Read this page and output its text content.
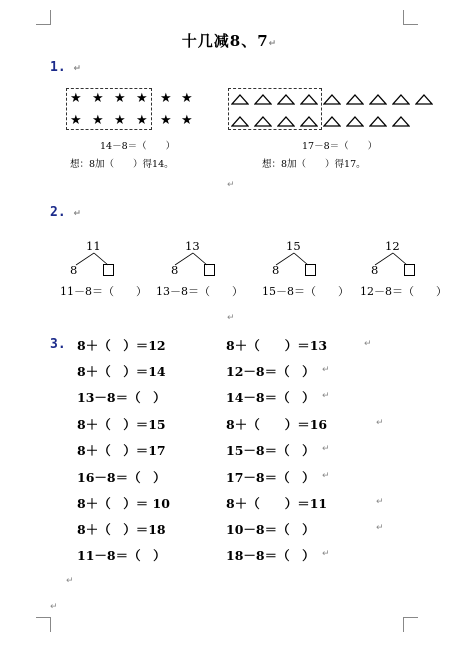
十几减8、7↵
1. ↵
★ ★ ★ ★ ★ ★
★ ★ ★ ★ ★ ★
14－8＝（　　）	17－8＝（　　）
想：8加（　　）得14。	想：8加（　　）得17。
↵
2. ↵
11
8
11－8＝（　　）
13
8
13－8＝（　　）
15
8
15－8＝（　　）
12
8
12－8＝（　　）
↵
3. 8＋（　）＝12	8＋（　　）＝13	↵
8＋（　）＝14	12－8＝（　） ↵
13－8＝（　）	14－8＝（　） ↵
8＋（　）＝15	8＋（　　）＝16	↵
8＋（　）＝17	15－8＝（　） ↵
16－8＝（　）	17－8＝（　） ↵
8＋（　）＝ 10	8＋（　　）＝11	↵
8＋（　）＝18	10－8＝（　）	↵
11－8＝（　）	18－8＝（　） ↵
↵
↵
